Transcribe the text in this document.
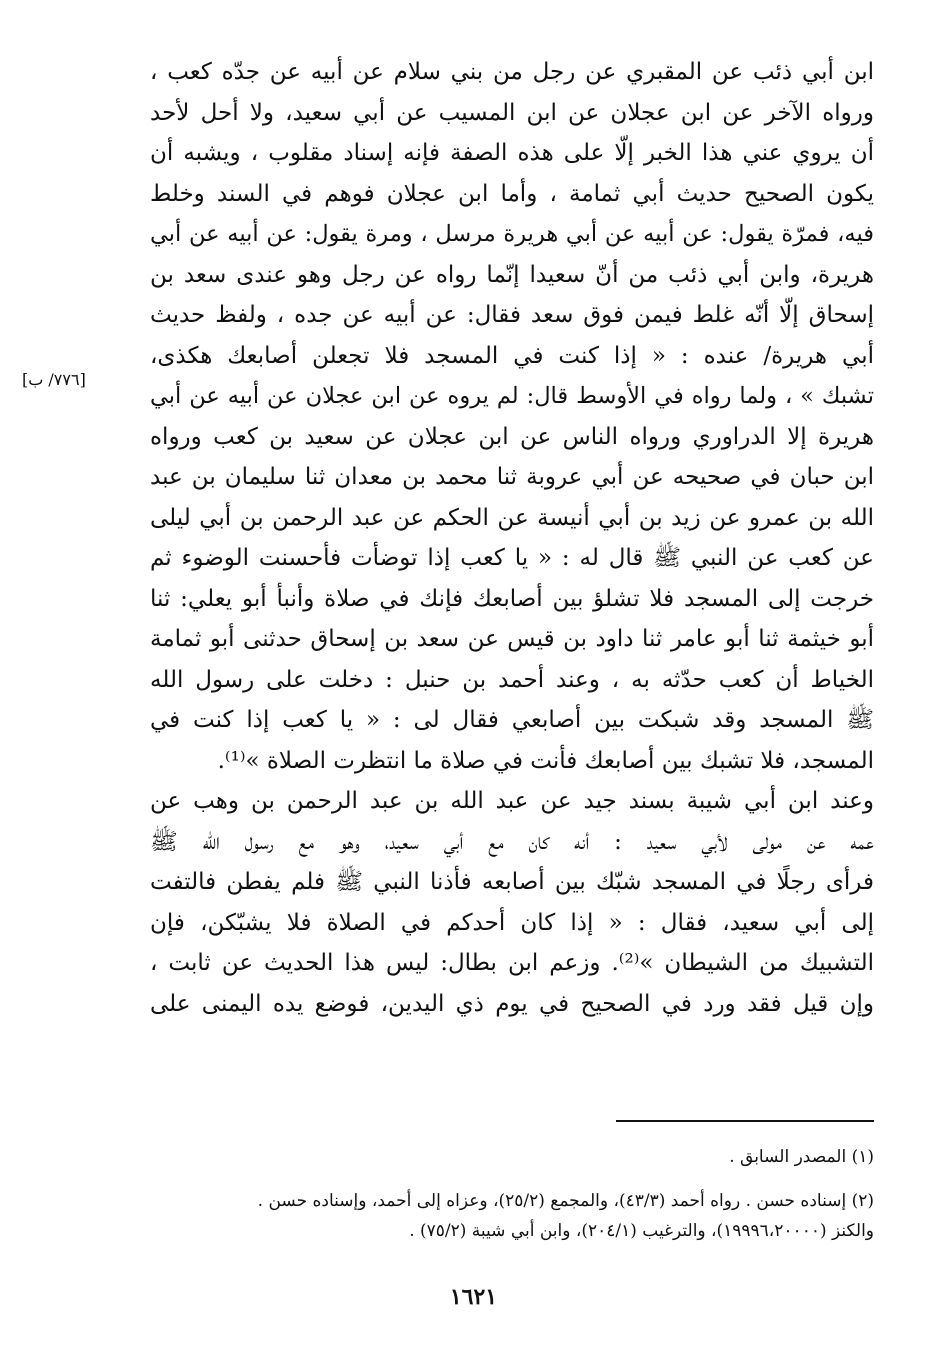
ابن أبي ذئب عن المقبري عن رجل من بني سلام عن أبيه عن جدّه كعب ،
ورواه الآخر عن ابن عجلان عن ابن المسيب عن أبي سعيد، ولا أحل لأحد
أن يروي عني هذا الخبر إلّا على هذه الصفة فإنه إسناد مقلوب ، ويشبه أن
يكون الصحيح حديث أبي ثمامة ، وأما ابن عجلان فوهم في السند وخلط
فيه، فمرّة يقول: عن أبيه عن أبي هريرة مرسل ، ومرة يقول: عن أبيه عن أبي
هريرة، وابن أبي ذئب من أنّ سعيدا إنّما رواه عن رجل وهو عندى سعد بن
إسحاق إلّا أنّه غلط فيمن فوق سعد فقال: عن أبيه عن جده ، ولفظ حديث
أبي هريرة/ عنده : « إذا كنت في المسجد فلا تجعلن أصابعك هكذى،
تشبك » ، ولما رواه في الأوسط قال: لم يروه عن ابن عجلان عن أبيه عن أبي
هريرة إلا الدراوري ورواه الناس عن ابن عجلان عن سعيد بن كعب ورواه
ابن حبان في صحيحه عن أبي عروبة ثنا محمد بن معدان ثنا سليمان بن عبد
الله بن عمرو عن زيد بن أبي أنيسة عن الحكم عن عبد الرحمن بن أبي ليلى
عن كعب عن النبي ﷺ قال له : « يا كعب إذا توضأت فأحسنت الوضوء ثم
خرجت إلى المسجد فلا تشلؤ بين أصابعك فإنك في صلاة وأنبأ أبو يعلي: ثنا
أبو خيثمة ثنا أبو عامر ثنا داود بن قيس عن سعد بن إسحاق حدثنى أبو ثمامة
الخياط أن كعب حدّثه به ، وعند أحمد بن حنبل : دخلت على رسول الله
ﷺ المسجد وقد شبكت بين أصابعي فقال لى : « يا كعب إذا كنت في
المسجد، فلا تشبك بين أصابعك فأنت في صلاة ما انتظرت الصلاة »⁽¹⁾.
وعند ابن أبي شيبة بسند جيد عن عبد الله بن عبد الرحمن بن وهب عن
عمه عن مولى لأبي سعيد : أنه كان مع أبي سعيد، وهو مع رسول الله ﷺ
فرأى رجلًا في المسجد شبّك بين أصابعه فأذنا النبي ﷺ فلم يفطن فالتفت
إلى أبي سعيد، فقال : « إذا كان أحدكم في الصلاة فلا يشبّكن، فإن
التشبيك من الشيطان »⁽²⁾. وزعم ابن بطال: ليس هذا الحديث عن ثابت ،
وإن قيل فقد ورد في الصحيح في يوم ذي اليدين، فوضع يده اليمنى على
[٧٧٦/ ب]
(١) المصدر السابق .
(٢) إسناده حسن . رواه أحمد (٤٣/٣)، والمجمع (٢٥/٢)، وعزاه إلى أحمد، وإسناده حسن .
والكنز (١٩٩٩٦،٢٠٠٠٠)، والترغيب (٢٠٤/١)، وابن أبي شيبة (٧٥/٢) .
١٦٢١
